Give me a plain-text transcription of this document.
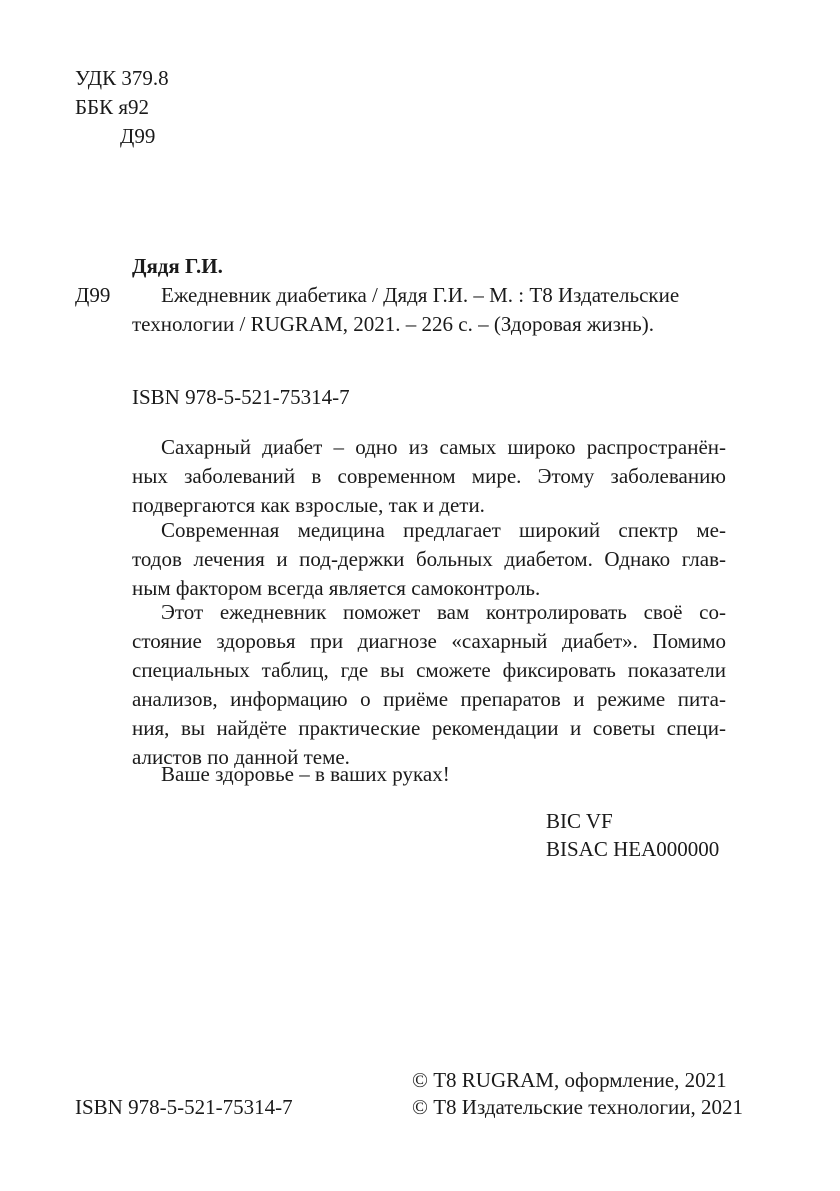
УДК 379.8
ББК я92
Д99
Дядя Г.И.
Д99 Ежедневник диабетика / Дядя Г.И. – М. : Т8 Издательские
технологии / RUGRAM, 2021. – 226 с. – (Здоровая жизнь).
ISBN 978-5-521-75314-7
Сахарный диабет – одно из самых широко распространён-
ных заболеваний в современном мире. Этому заболеванию
подвергаются как взрослые, так и дети.
Современная медицина предлагает широкий спектр ме-
тодов лечения и под-держки больных диабетом. Однако глав-
ным фактором всегда является самоконтроль.
Этот ежедневник поможет вам контролировать своё со-
стояние здоровья при диагнозе «сахарный диабет». Помимо
специальных таблиц, где вы сможете фиксировать показатели
анализов, информацию о приёме препаратов и режиме пита-
ния, вы найдёте практические рекомендации и советы специ-
алистов по данной теме.
Ваше здоровье – в ваших руках!
BIC VF
BISAC HEA000000
ISBN 978-5-521-75314-7
© Т8 RUGRAM, оформление, 2021
© Т8 Издательские технологии, 2021
